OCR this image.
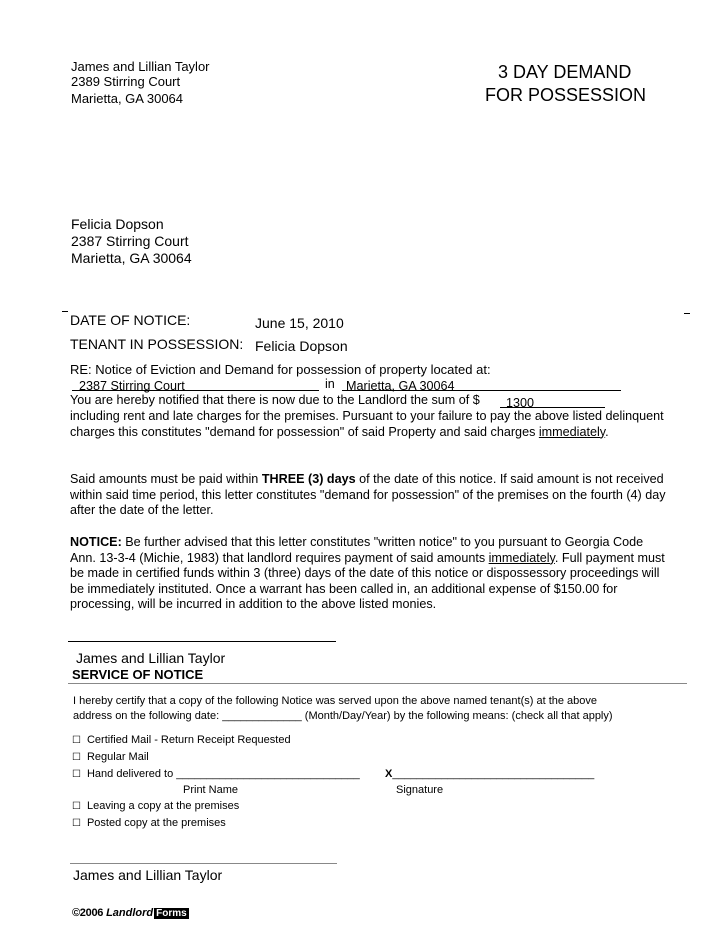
James and Lillian Taylor
2389 Stirring Court
Marietta, GA 30064
3 DAY DEMAND
FOR POSSESSION
Felicia Dopson
2387 Stirring Court
Marietta, GA 30064
DATE OF NOTICE:	June 15, 2010
TENANT IN POSSESSION: Felicia Dopson
RE: Notice of Eviction and Demand for possession of property located at:
2387 Stirring Court	in Marietta, GA 30064
You are hereby notified that there is now due to the Landlord the sum of $ 1300
including rent and late charges for the premises. Pursuant to your failure to pay the above listed delinquent charges this constitutes "demand for possession" of said Property and said charges immediately.
Said amounts must be paid within THREE (3) days of the date of this notice. If said amount is not received within said time period, this letter constitutes "demand for possession" of the premises on the fourth (4) day after the date of the letter.
NOTICE: Be further advised that this letter constitutes "written notice" to you pursuant to Georgia Code Ann. 13-3-4 (Michie, 1983) that landlord requires payment of said amounts immediately. Full payment must be made in certified funds within 3 (three) days of the date of this notice or dispossessory proceedings will be immediately instituted. Once a warrant has been called in, an additional expense of $150.00 for processing, will be incurred in addition to the above listed monies.
James and Lillian Taylor
SERVICE OF NOTICE
I hereby certify that a copy of the following Notice was served upon the above named tenant(s) at the above
address on the following date: _____________ (Month/Day/Year) by the following means: (check all that apply)
☐ Certified Mail - Return Receipt Requested
☐ Regular Mail
☐ Hand delivered to ______________________________ X_________________________________
Print Name	Signature
☐ Leaving a copy at the premises
☐ Posted copy at the premises
James and Lillian Taylor
©2006 Landlord Forms
